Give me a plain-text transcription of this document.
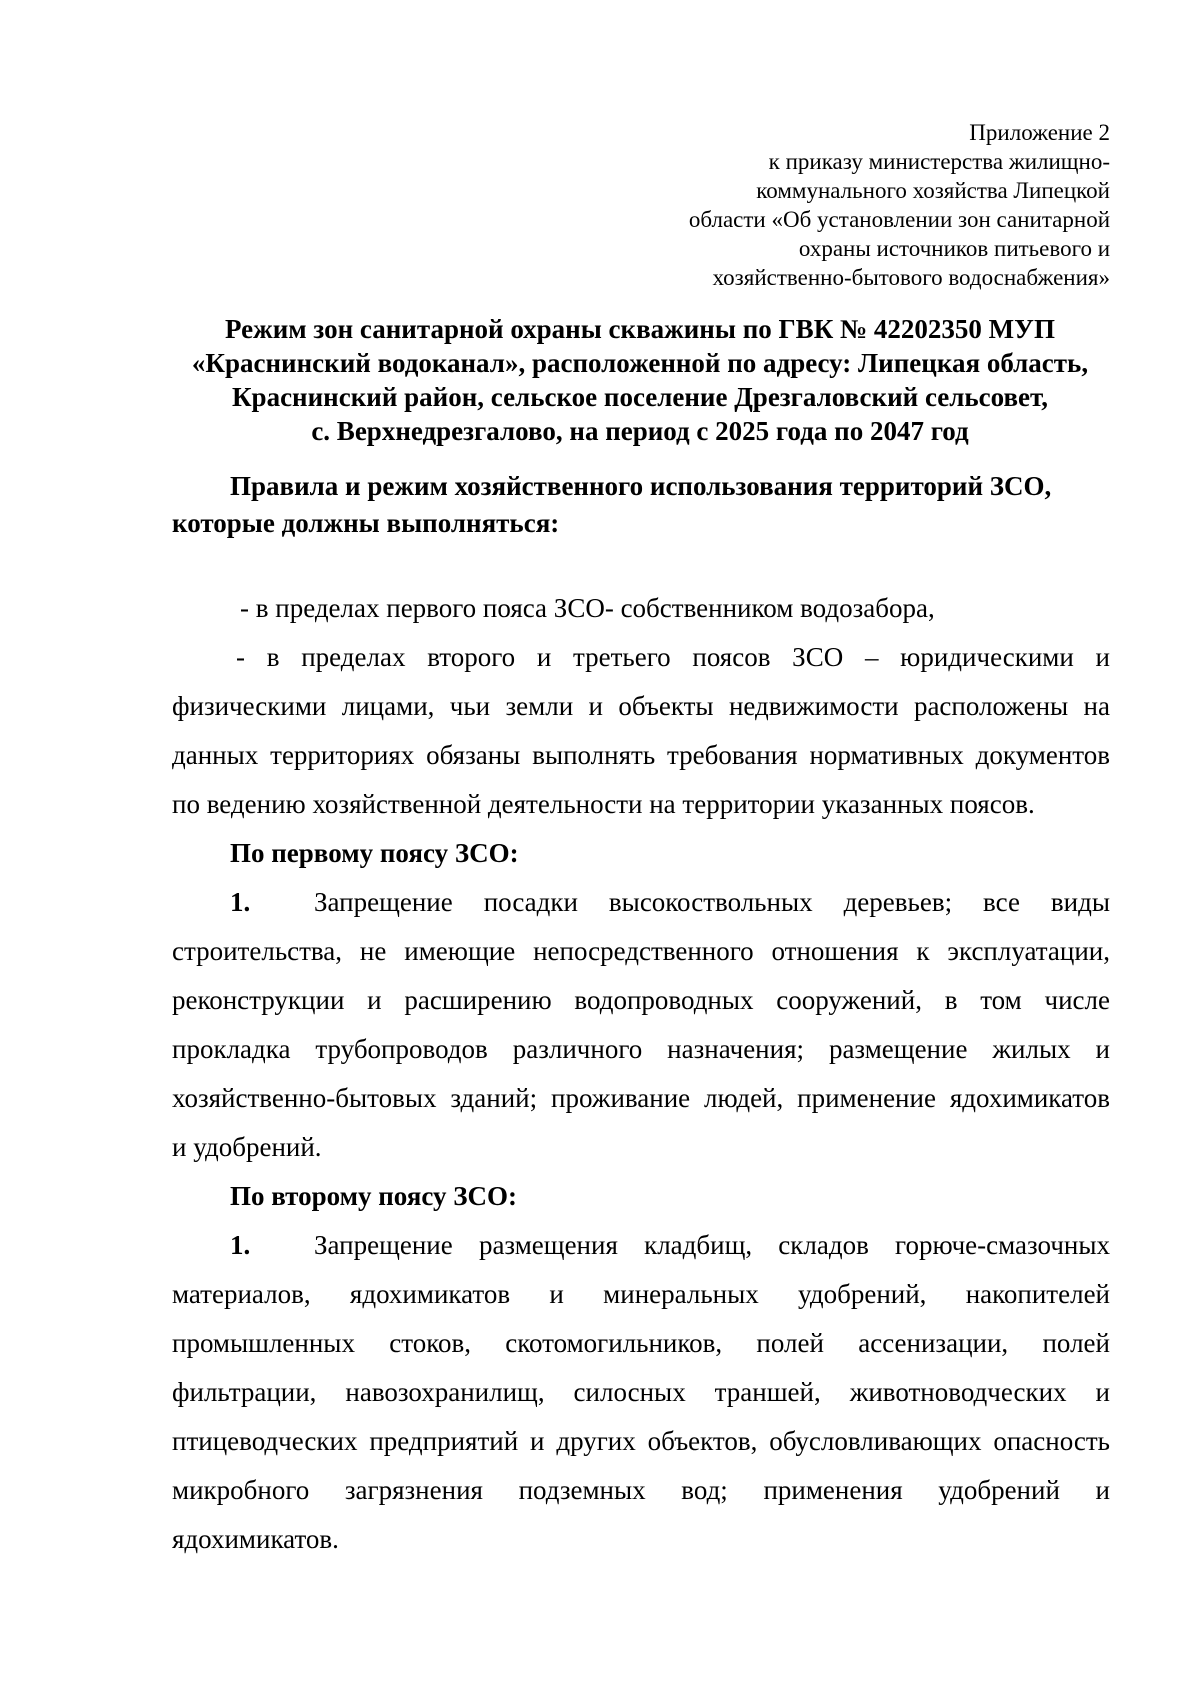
Приложение 2
к приказу министерства жилищно-
коммунального хозяйства Липецкой
области «Об установлении зон санитарной
охраны источников питьевого и
хозяйственно-бытового водоснабжения»
Режим зон санитарной охраны скважины по ГВК № 42202350 МУП
«Краснинский водоканал», расположенной по адресу: Липецкая область,
Краснинский район, сельское поселение Дрезгаловский сельсовет,
с. Верхнедрезгалово, на период с 2025 года по 2047 год

Правила и режим хозяйственного использования территорий ЗСО,
которые должны выполняться:

- в пределах первого пояса ЗСО- собственником водозабора,

- в пределах второго и третьего поясов ЗСО – юридическими и
физическими лицами, чьи земли и объекты недвижимости расположены на
данных территориях обязаны выполнять требования нормативных документов
по ведению хозяйственной деятельности на территории указанных поясов.

По первому поясу ЗСО:

1. Запрещение посадки высокоствольных деревьев; все виды
строительства, не имеющие непосредственного отношения к эксплуатации,
реконструкции и расширению водопроводных сооружений, в том числе
прокладка трубопроводов различного назначения; размещение жилых и
хозяйственно-бытовых зданий; проживание людей, применение ядохимикатов
и удобрений.

По второму поясу ЗСО:

1. Запрещение размещения кладбищ, складов горюче-смазочных
материалов, ядохимикатов и минеральных удобрений, накопителей
промышленных стоков, скотомогильников, полей ассенизации, полей
фильтрации, навозохранилищ, силосных траншей, животноводческих и
птицеводческих предприятий и других объектов, обусловливающих опасность
микробного загрязнения подземных вод; применения удобрений и
ядохимикатов.
